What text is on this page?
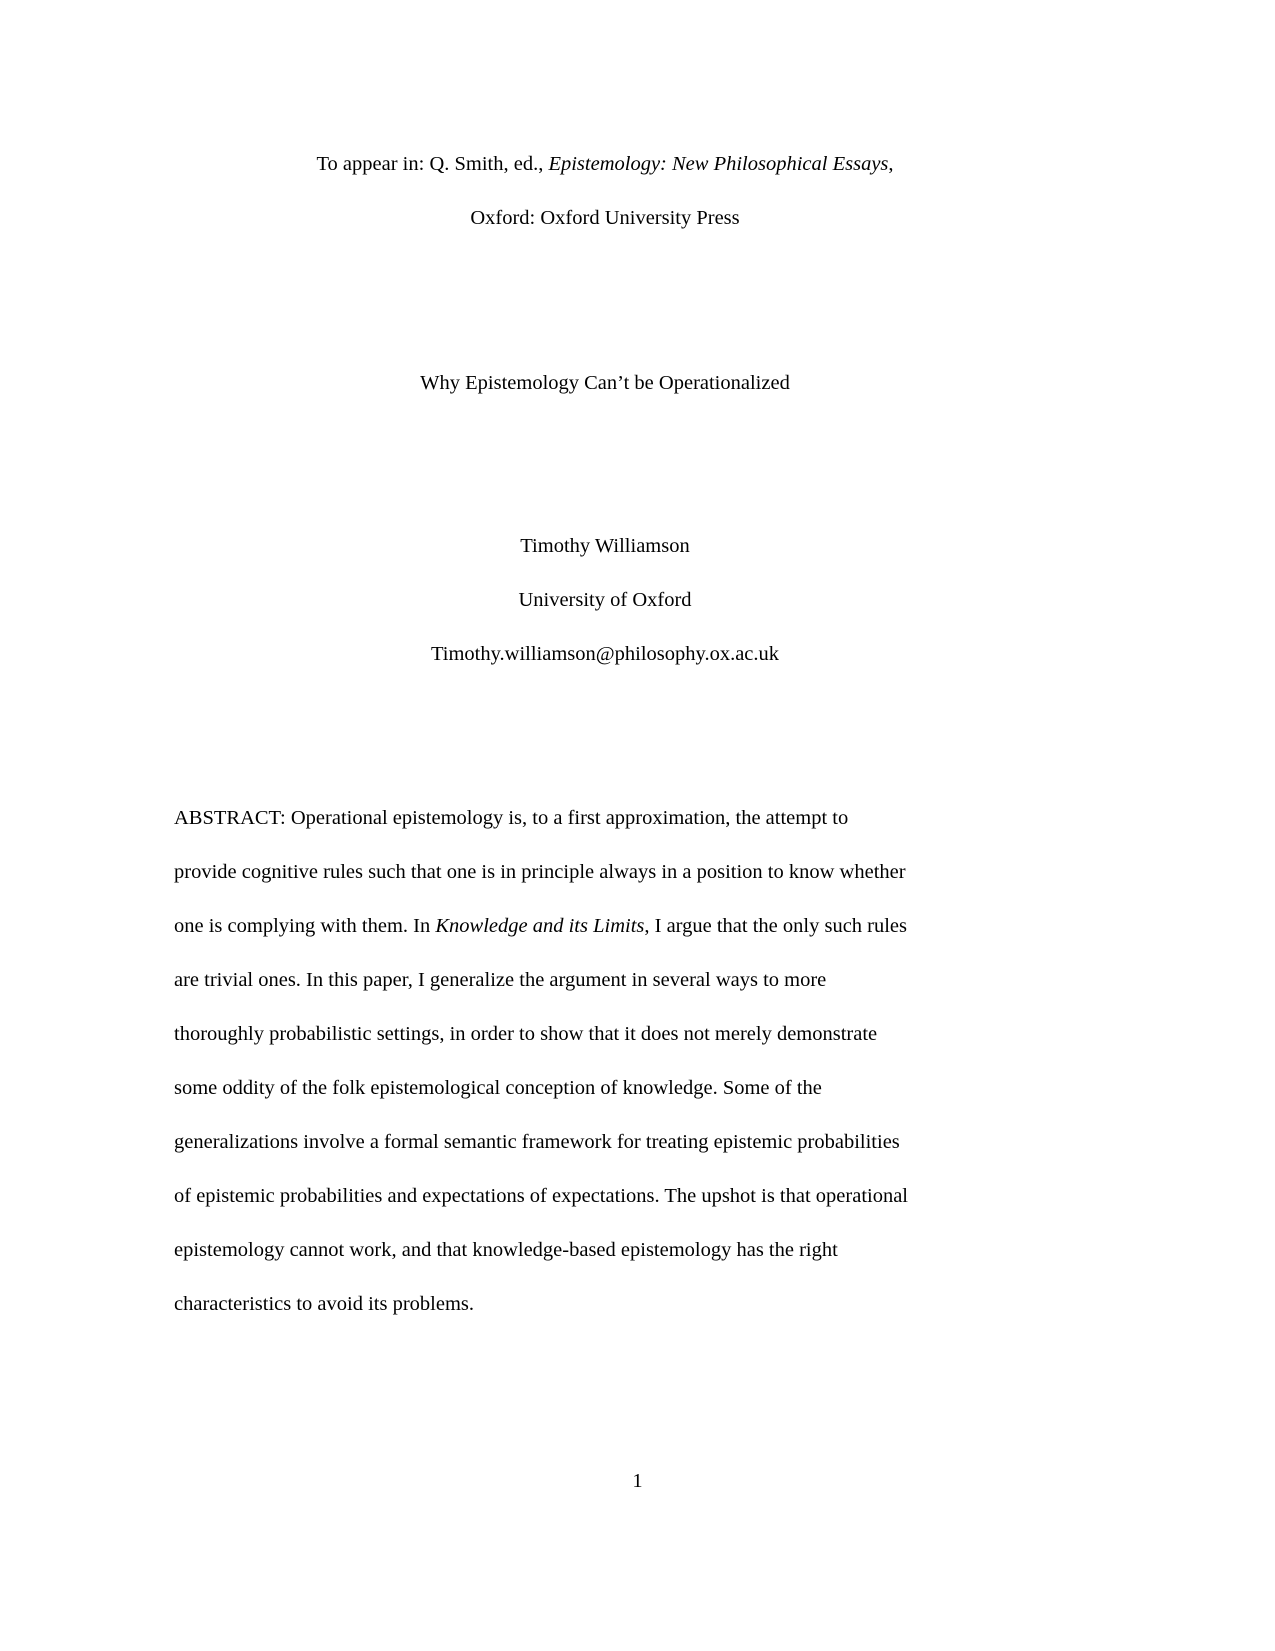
To appear in: Q. Smith, ed., Epistemology: New Philosophical Essays,
Oxford: Oxford University Press
Why Epistemology Can’t be Operationalized
Timothy Williamson
University of Oxford
Timothy.williamson@philosophy.ox.ac.uk
ABSTRACT: Operational epistemology is, to a first approximation, the attempt to
provide cognitive rules such that one is in principle always in a position to know whether
one is complying with them. In Knowledge and its Limits, I argue that the only such rules
are trivial ones. In this paper, I generalize the argument in several ways to more
thoroughly probabilistic settings, in order to show that it does not merely demonstrate
some oddity of the folk epistemological conception of knowledge. Some of the
generalizations involve a formal semantic framework for treating epistemic probabilities
of epistemic probabilities and expectations of expectations. The upshot is that operational
epistemology cannot work, and that knowledge-based epistemology has the right
characteristics to avoid its problems.
1
